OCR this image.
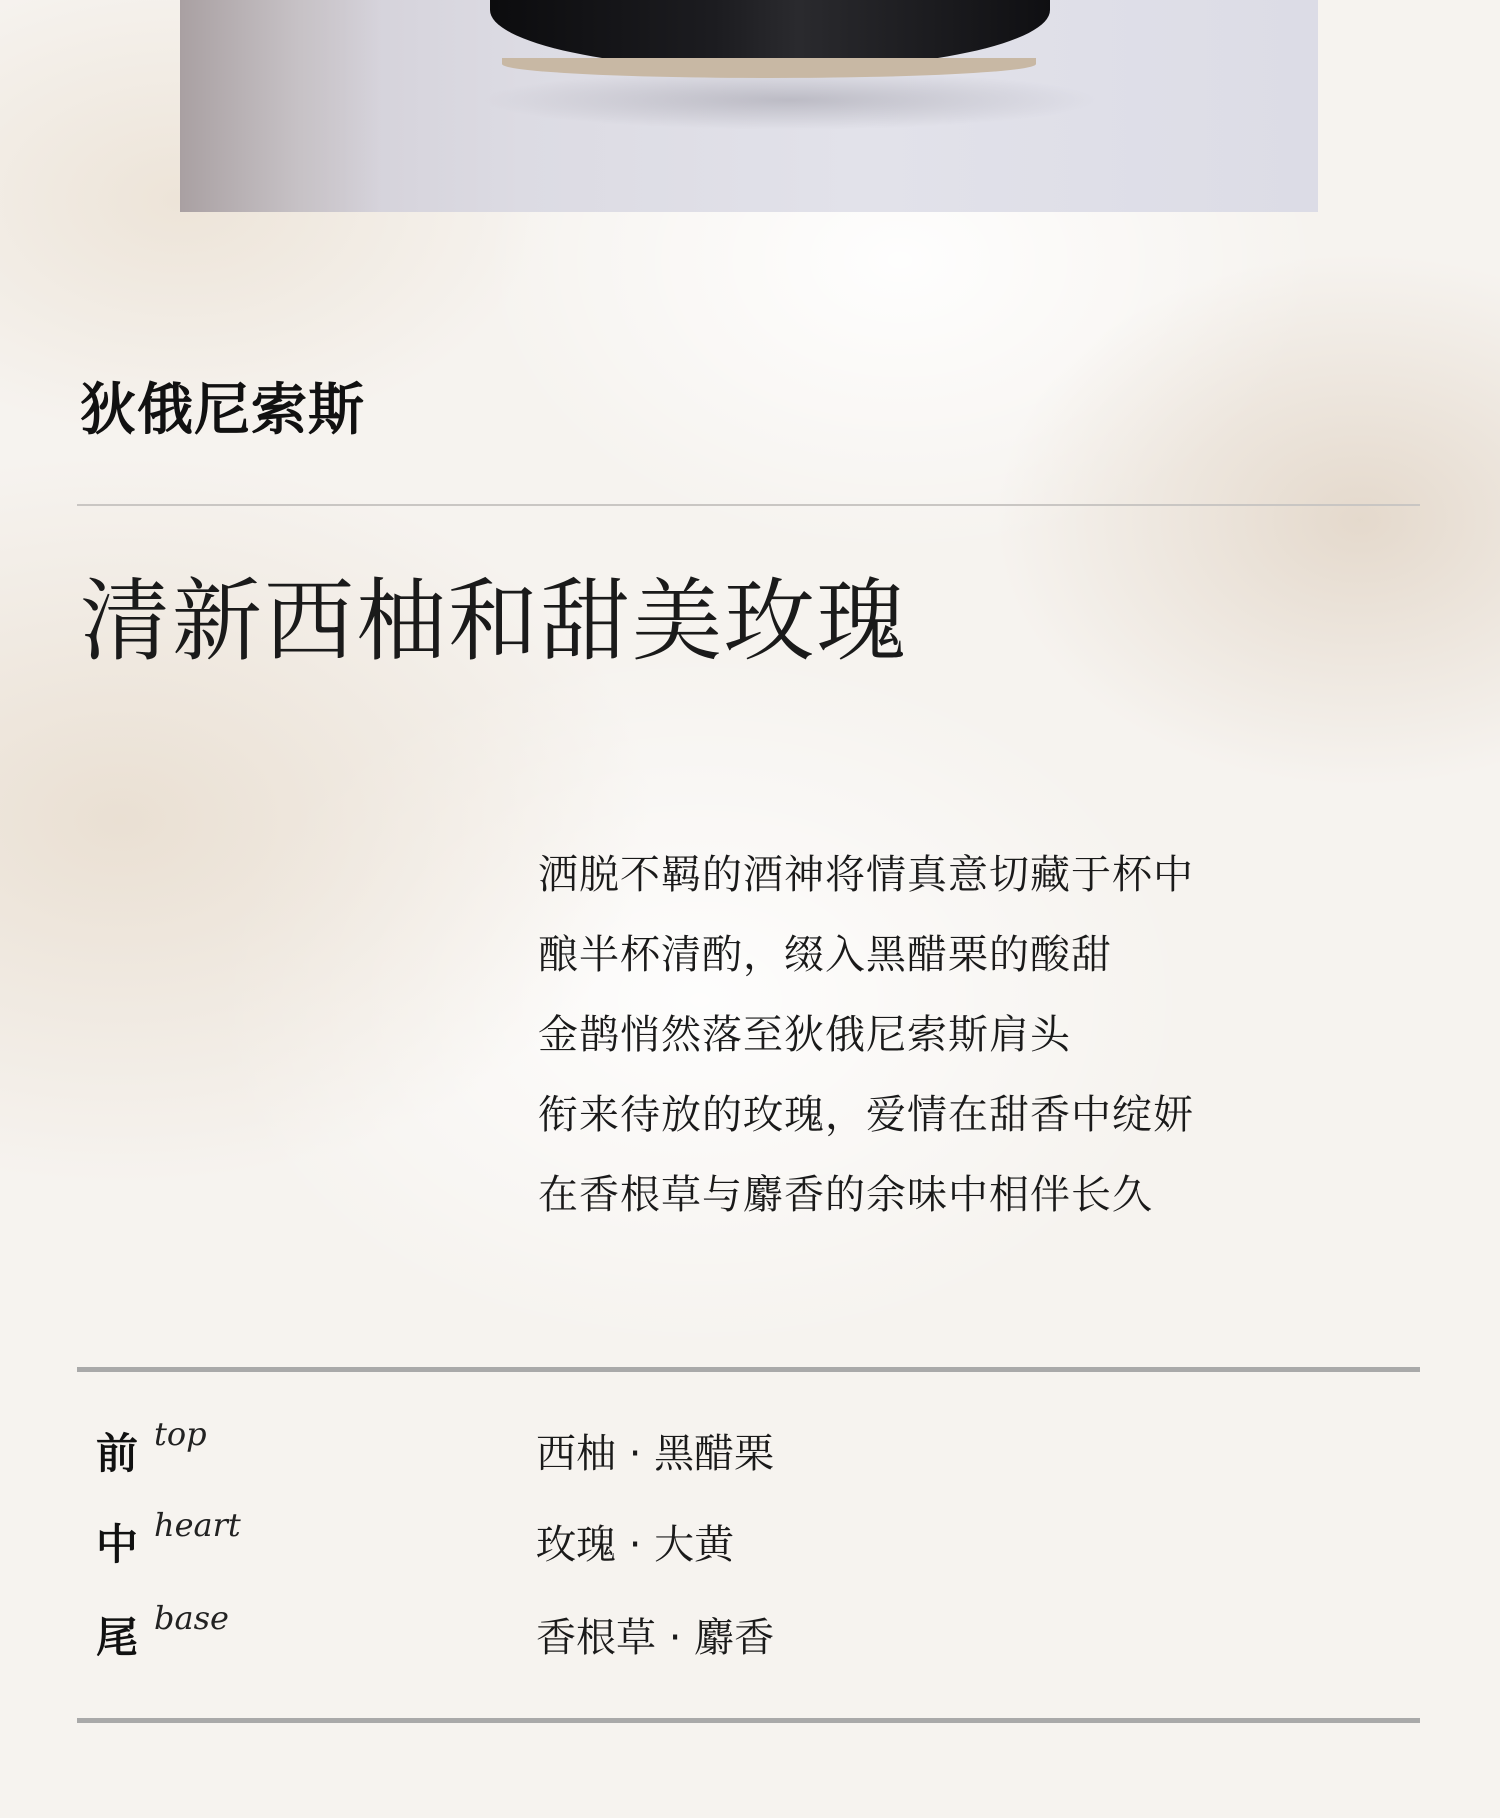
狄俄尼索斯
清新西柚和甜美玫瑰
洒脱不羁的酒神将情真意切藏于杯中
酿半杯清酌，缀入黑醋栗的酸甜
金鹊悄然落至狄俄尼索斯肩头
衔来待放的玫瑰，爱情在甜香中绽妍
在香根草与麝香的余味中相伴长久
前 top	西柚 · 黑醋栗
中 heart	玫瑰 · 大黄
尾 base	香根草 · 麝香
